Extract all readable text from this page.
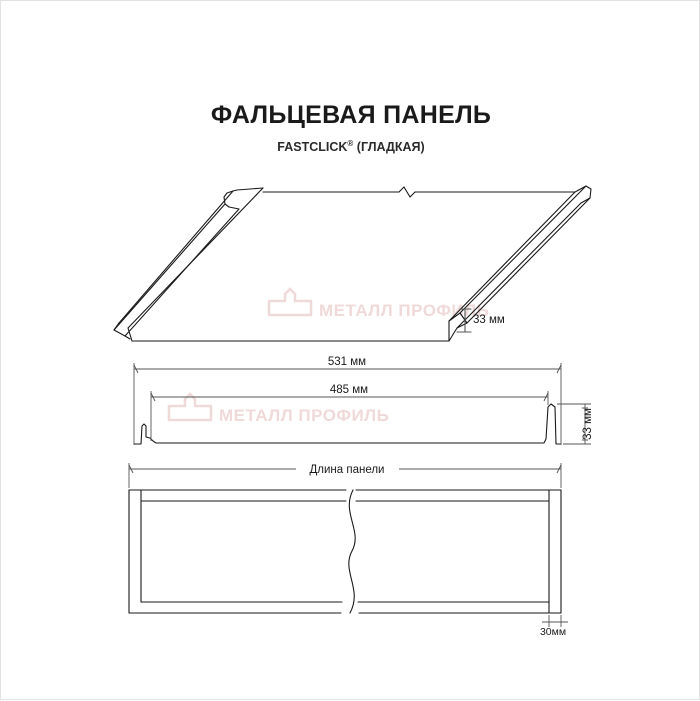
ФАЛЬЦЕВАЯ ПАНЕЛЬ
FASTCLICK® (ГЛАДКАЯ)
МЕТАЛЛ ПРОФИЛЬ
МЕТАЛЛ ПРОФИЛЬ
33 мм
531 мм
485 мм
33 мм
Длина панели
30мм
